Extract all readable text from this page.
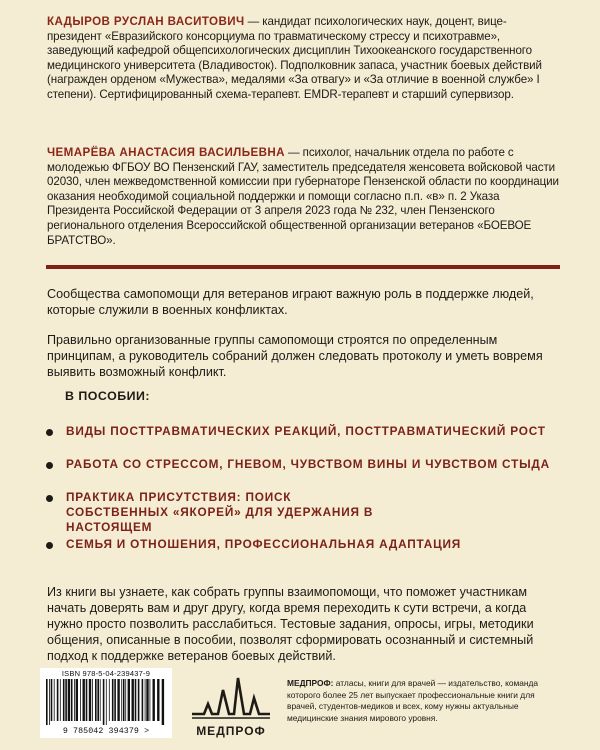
КАДЫРОВ РУСЛАН ВАСИТОВИЧ — кандидат психологических наук, доцент, вице-президент «Евразийского консорциума по травматическому стрессу и психотравме», заведующий кафедрой общепсихологических дисциплин Тихоокеанского государственного медицинского университета (Владивосток). Подполковник запаса, участник боевых действий (награжден орденом «Мужества», медалями «За отвагу» и «За отличие в военной службе» I степени). Сертифицированный схема-терапевт. EMDR-терапевт и старший супервизор.
ЧЕМАРЁВА АНАСТАСИЯ ВАСИЛЬЕВНА — психолог, начальник отдела по работе с молодежью ФГБОУ ВО Пензенский ГАУ, заместитель председателя женсовета войсковой части 02030, член межведомственной комиссии при губернаторе Пензенской области по координации оказания необходимой социальной поддержки и помощи согласно п.п. «в» п. 2 Указа Президента Российской Федерации от 3 апреля 2023 года № 232, член Пензенского регионального отделения Всероссийской общественной организации ветеранов «БОЕВОЕ БРАТСТВО».
Сообщества самопомощи для ветеранов играют важную роль в поддержке людей, которые служили в военных конфликтах.
Правильно организованные группы самопомощи строятся по определенным принципам, а руководитель собраний должен следовать протоколу и уметь вовремя выявить возможный конфликт.
В ПОСОБИИ:
ВИДЫ ПОСТТРАВМАТИЧЕСКИХ РЕАКЦИЙ, ПОСТТРАВМАТИЧЕСКИЙ РОСТ
РАБОТА СО СТРЕССОМ, ГНЕВОМ, ЧУВСТВОМ ВИНЫ И ЧУВСТВОМ СТЫДА
ПРАКТИКА ПРИСУТСТВИЯ: ПОИСК СОБСТВЕННЫХ «ЯКОРЕЙ» ДЛЯ УДЕРЖАНИЯ В НАСТОЯЩЕМ
СЕМЬЯ И ОТНОШЕНИЯ, ПРОФЕССИОНАЛЬНАЯ АДАПТАЦИЯ
Из книги вы узнаете, как собрать группы взаимопомощи, что поможет участникам начать доверять вам и друг другу, когда время переходить к сути встречи, а когда нужно просто позволить расслабиться. Тестовые задания, опросы, игры, методики общения, описанные в пособии, позволят сформировать осознанный и системный подход к поддержке ветеранов боевых действий.
ISBN 978-5-04-239437-9
9 785042 394379 >	МЕДПРОФ
МЕДПРОФ: атласы, книги для врачей — издательство, команда которого более 25 лет выпускает профессиональные книги для врачей, студентов-медиков и всех, кому нужны актуальные медицинские знания мирового уровня.
